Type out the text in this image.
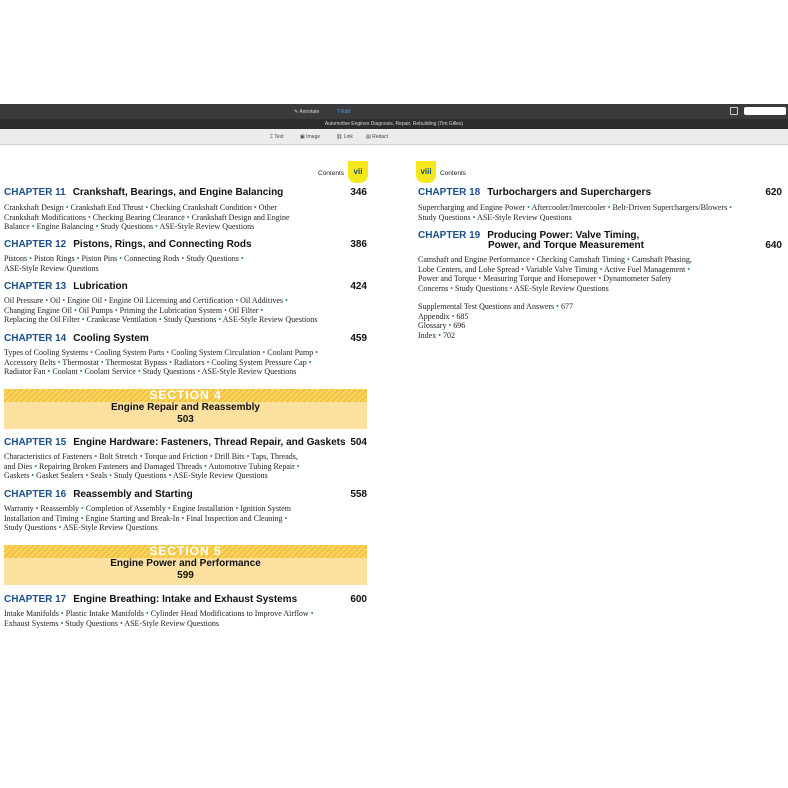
✎ Annotate	T Edit
Automotive Engines Diagnosis, Repair, Rebuilding (Tim Gilles)
⌶ Text	▣ Image	⛓ Link	▤ Redact
Contents	vii
CHAPTER 11 Crankshaft, Bearings, and Engine Balancing	346
Crankshaft Design • Crankshaft End Thrust • Checking Crankshaft Condition • Other
Crankshaft Modifications • Checking Bearing Clearance • Crankshaft Design and Engine
Balance • Engine Balancing • Study Questions • ASE-Style Review Questions
CHAPTER 12 Pistons, Rings, and Connecting Rods	386
Pistons • Piston Rings • Piston Pins • Connecting Rods • Study Questions •
ASE-Style Review Questions
CHAPTER 13 Lubrication	424
Oil Pressure • Oil • Engine Oil • Engine Oil Licensing and Certification • Oil Additives •
Changing Engine Oil • Oil Pumps • Priming the Lubrication System • Oil Filter •
Replacing the Oil Filter • Crankcase Ventilation • Study Questions • ASE-Style Review Questions
CHAPTER 14 Cooling System	459
Types of Cooling Systems • Cooling System Parts • Cooling System Circulation • Coolant Pump •
Accessory Belts • Thermostat • Thermostat Bypass • Radiators • Cooling System Pressure Cap •
Radiator Fan • Coolant • Coolant Service • Study Questions • ASE-Style Review Questions
SECTION 4
Engine Repair and Reassembly
503
CHAPTER 15 Engine Hardware: Fasteners, Thread Repair, and Gaskets 504
Characteristics of Fasteners • Bolt Stretch • Torque and Friction • Drill Bits • Taps, Threads,
and Dies • Repairing Broken Fasteners and Damaged Threads • Automotive Tubing Repair •
Gaskets • Gasket Sealers • Seals • Study Questions • ASE-Style Review Questions
CHAPTER 16 Reassembly and Starting	558
Warranty • Reassembly • Completion of Assembly • Engine Installation • Ignition System
Installation and Timing • Engine Starting and Break-In • Final Inspection and Cleaning •
Study Questions • ASE-Style Review Questions
SECTION 5
Engine Power and Performance
599
CHAPTER 17 Engine Breathing: Intake and Exhaust Systems	600
Intake Manifolds • Plastic Intake Manifolds • Cylinder Head Modifications to Improve Airflow •
Exhaust Systems • Study Questions • ASE-Style Review Questions
viii	Contents
CHAPTER 18 Turbochargers and Superchargers	620
Supercharging and Engine Power • Aftercooler/Intercooler • Belt-Driven Superchargers/Blowers •
Study Questions • ASE-Style Review Questions
CHAPTER 19 Producing Power: Valve Timing,
Power, and Torque Measurement	640
Camshaft and Engine Performance • Checking Camshaft Timing • Camshaft Phasing,
Lobe Centers, and Lobe Spread • Variable Valve Timing • Active Fuel Management •
Power and Torque • Measuring Torque and Horsepower • Dynamometer Safety
Concerns • Study Questions • ASE-Style Review Questions
Supplemental Test Questions and Answers • 677
Appendix • 685
Glossary • 696
Index • 702
